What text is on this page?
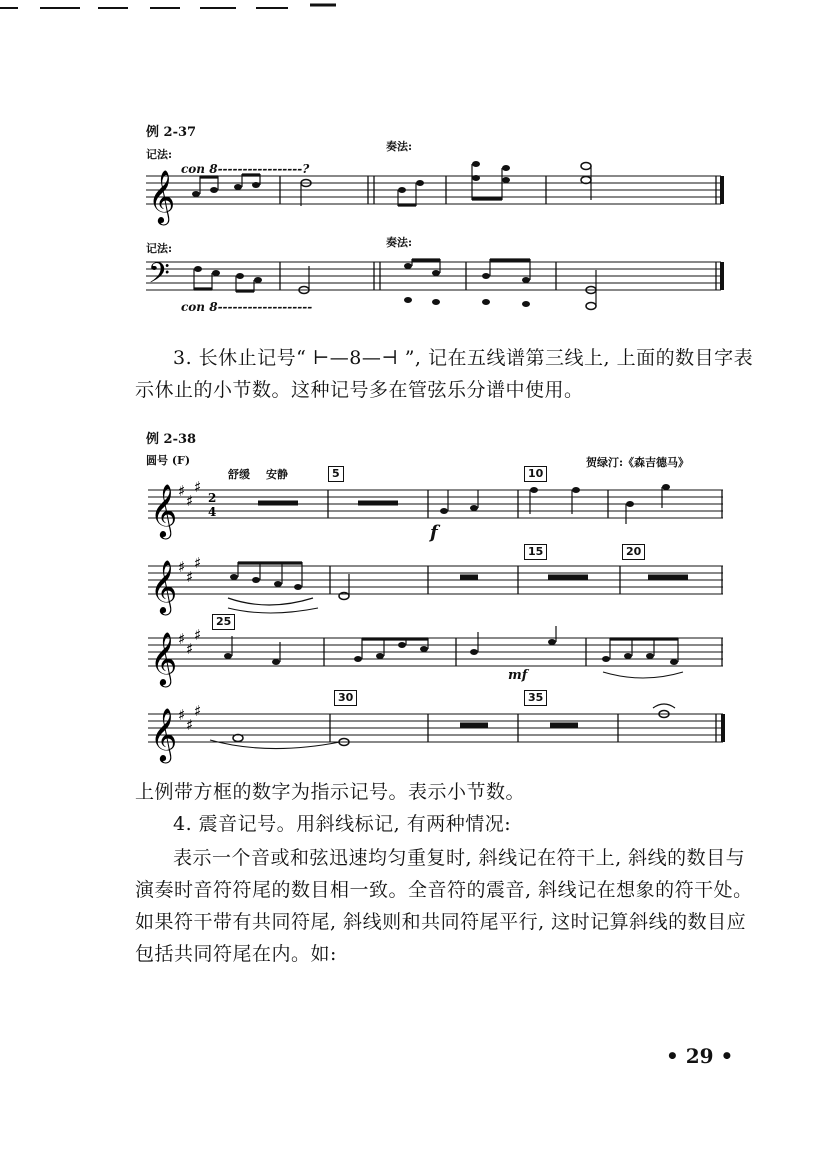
例 2-37
记法:
奏法:
con 8-----------------?
𝄞
记法:	奏法:
𝄢
con 8-------------------
3. 长休止记号“ ⊢—8—⊣ ”, 记在五线谱第三线上, 上面的数目字表示休止的小节数。这种记号多在管弦乐分谱中使用。
例 2-38
圆号 (F)
舒缓 安静
贺绿汀:《森吉德马》
5	10
𝄞 ♯
♯
♯
2
4
f
15	20
𝄞 ♯
♯
♯
25
𝄞 ♯
♯
♯
mf
30	35
𝄞 ♯
♯
♯
上例带方框的数字为指示记号。表示小节数。
4. 震音记号。用斜线标记, 有两种情况:
表示一个音或和弦迅速均匀重复时, 斜线记在符干上, 斜线的数目与演奏时音符符尾的数目相一致。全音符的震音, 斜线记在想象的符干处。如果符干带有共同符尾, 斜线则和共同符尾平行, 这时记算斜线的数目应包括共同符尾在内。如:
• 29 •
